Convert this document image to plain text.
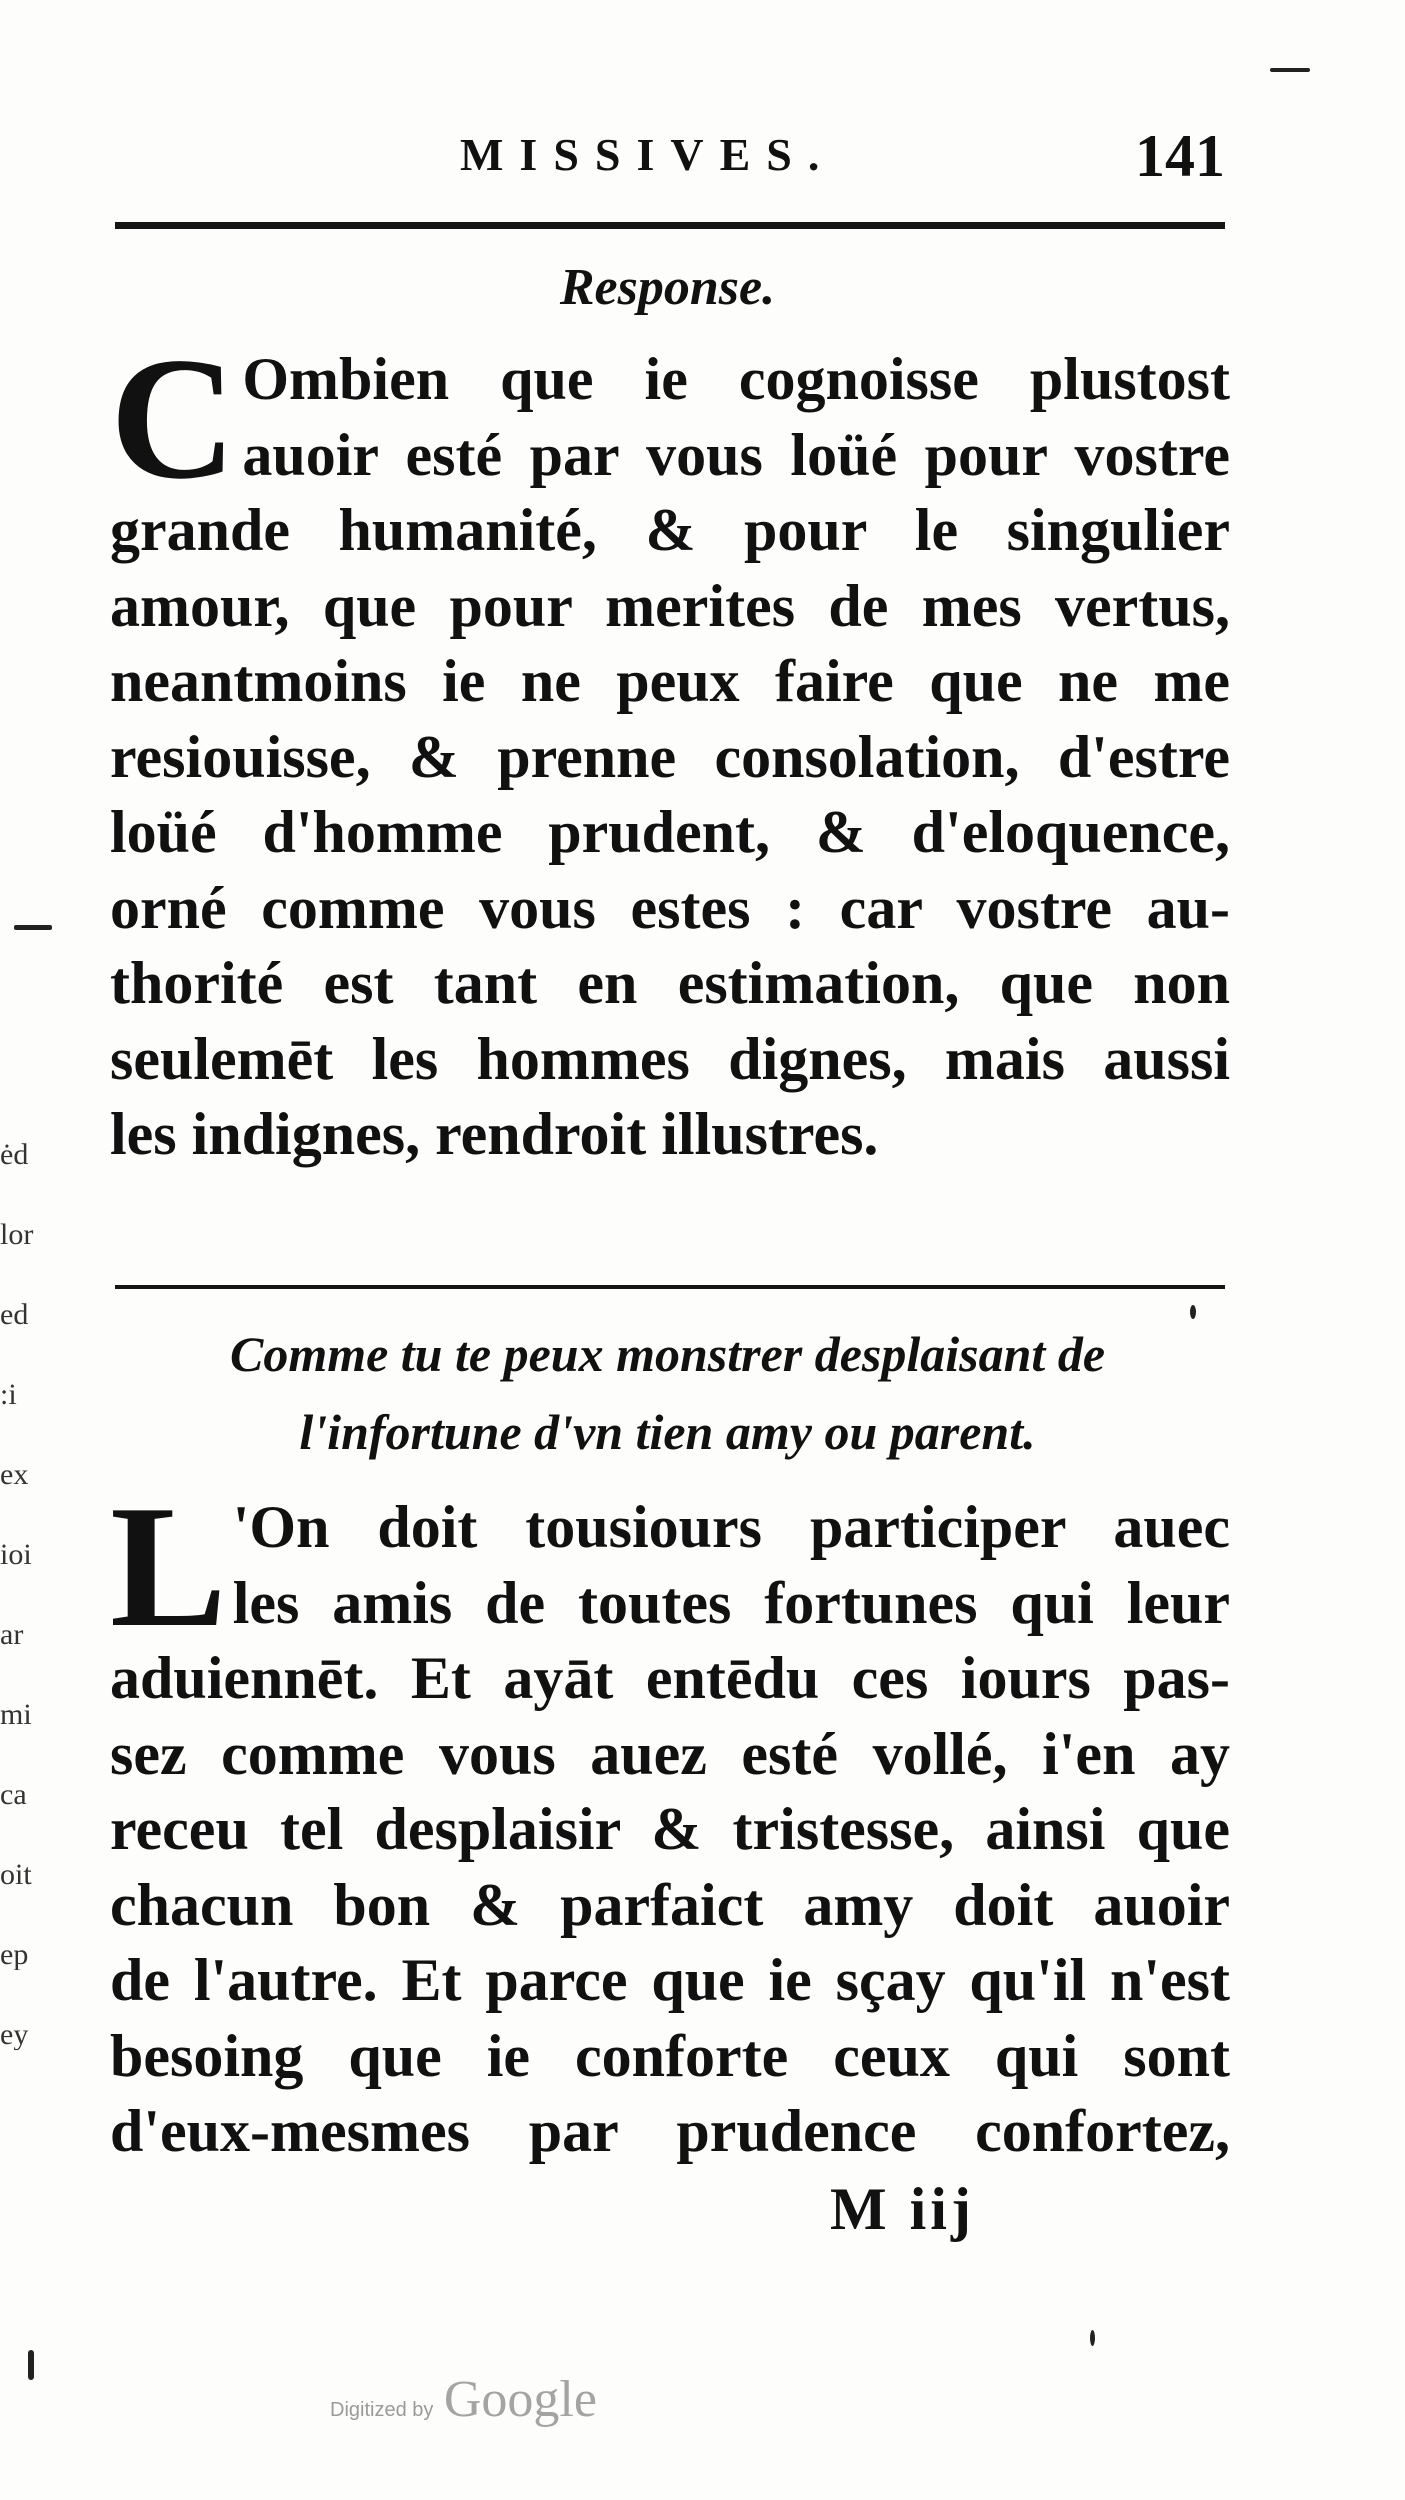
ėd
lor
ed
:i
ex
ioi
ar
mi
ca
oit
ep
ey
MISSIVES.	141
Response.
C Ombien que ie cognoisse plustost
auoir esté par vous loüé pour vostre
grande humanité, & pour le singulier
amour, que pour merites de mes vertus,
neantmoins ie ne peux faire que ne me
resiouisse, & prenne consolation, d'estre
loüé d'homme prudent, & d'eloquence,
orné comme vous estes : car vostre au-
thorité est tant en estimation, que non
seulemēt les hommes dignes, mais aussi
les indignes, rendroit illustres.
Comme tu te peux monstrer desplaisant de
l'infortune d'vn tien amy ou parent.
L 'On doit tousiours participer auec
les amis de toutes fortunes qui leur
aduiennēt. Et ayāt entēdu ces iours pas-
sez comme vous auez esté vollé, i'en ay
receu tel desplaisir & tristesse, ainsi que
chacun bon & parfaict amy doit auoir
de l'autre. Et parce que ie sçay qu'il n'est
besoing que ie conforte ceux qui sont
d'eux-mesmes par prudence confortez,
M iij
Digitized by Google
